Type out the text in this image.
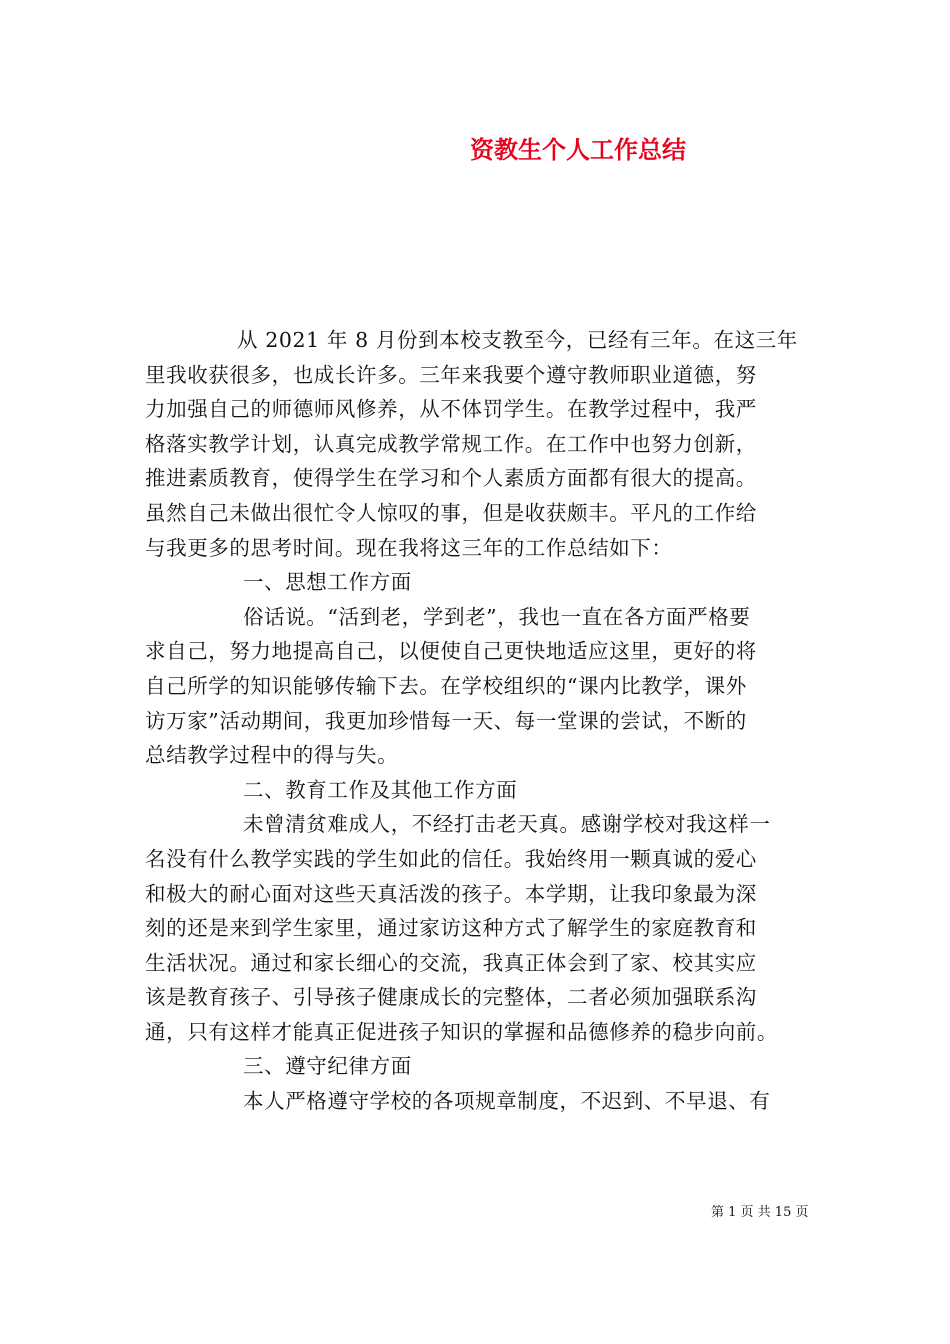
资教生个人工作总结
从 2021 年 8 月份到本校支教至今，已经有三年。在这三年
里我收获很多，也成长许多。三年来我要个遵守教师职业道德，努
力加强自己的师德师风修养，从不体罚学生。在教学过程中，我严
格落实教学计划，认真完成教学常规工作。在工作中也努力创新，
推进素质教育，使得学生在学习和个人素质方面都有很大的提高。
虽然自己未做出很忙令人惊叹的事，但是收获颇丰。平凡的工作给
与我更多的思考时间。现在我将这三年的工作总结如下：
一、思想工作方面
俗话说。“活到老，学到老”，我也一直在各方面严格要
求自己，努力地提高自己，以便使自己更快地适应这里，更好的将
自己所学的知识能够传输下去。在学校组织的“课内比教学，课外
访万家”活动期间，我更加珍惜每一天、每一堂课的尝试，不断的
总结教学过程中的得与失。
二、教育工作及其他工作方面
未曾清贫难成人，不经打击老天真。感谢学校对我这样一
名没有什么教学实践的学生如此的信任。我始终用一颗真诚的爱心
和极大的耐心面对这些天真活泼的孩子。本学期，让我印象最为深
刻的还是来到学生家里，通过家访这种方式了解学生的家庭教育和
生活状况。通过和家长细心的交流，我真正体会到了家、校其实应
该是教育孩子、引导孩子健康成长的完整体，二者必须加强联系沟
通，只有这样才能真正促进孩子知识的掌握和品德修养的稳步向前。
三、遵守纪律方面
本人严格遵守学校的各项规章制度，不迟到、不早退、有
第 1 页 共 15 页
